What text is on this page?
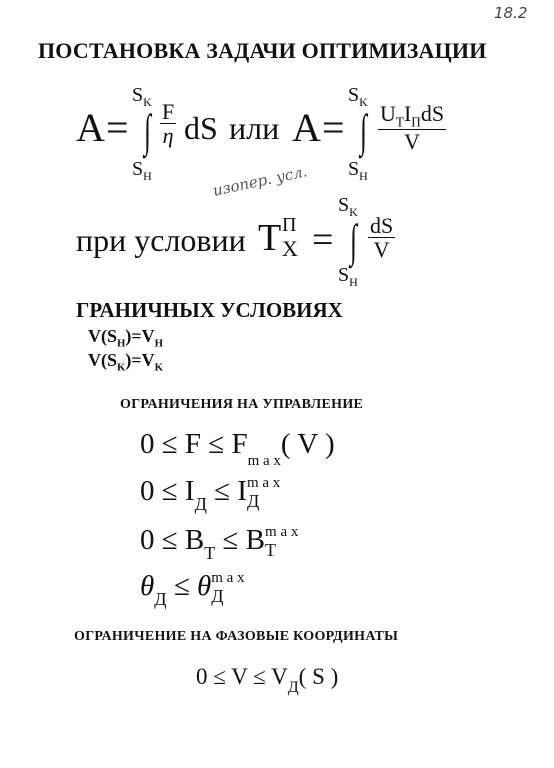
18.2
ПОСТАНОВКА ЗАДАЧИ ОПТИМИЗАЦИИ
A =
$S_K$
∫
$S_Н$
$\frac{F}{\eta}$ dS или A =
$S_K$
∫
$S_Н$
$U_ТI_ПdS$
V
изопер. усл.
при условии T П
X =
$S_K$
∫
$S_Н$
$\frac{dS}{V}$
ГРАНИЧНЫХ УСЛОВИЯХ
$V(S_Н)=V_Н$
$V(S_K)=V_K$
ОГРАНИЧЕНИЯ НА УПРАВЛЕНИЕ
$0 \le F \le F_{m a x}$( V )
$0 \le I_Д \le I$ m a x
Д
$0 \le B_T \le B$ m a x
T
$\theta_Д \le \theta$ m a x
Д
ОГРАНИЧЕНИЕ НА ФАЗОВЫЕ КООРДИНАТЫ
$0 \le V \le V_Д$( S )
